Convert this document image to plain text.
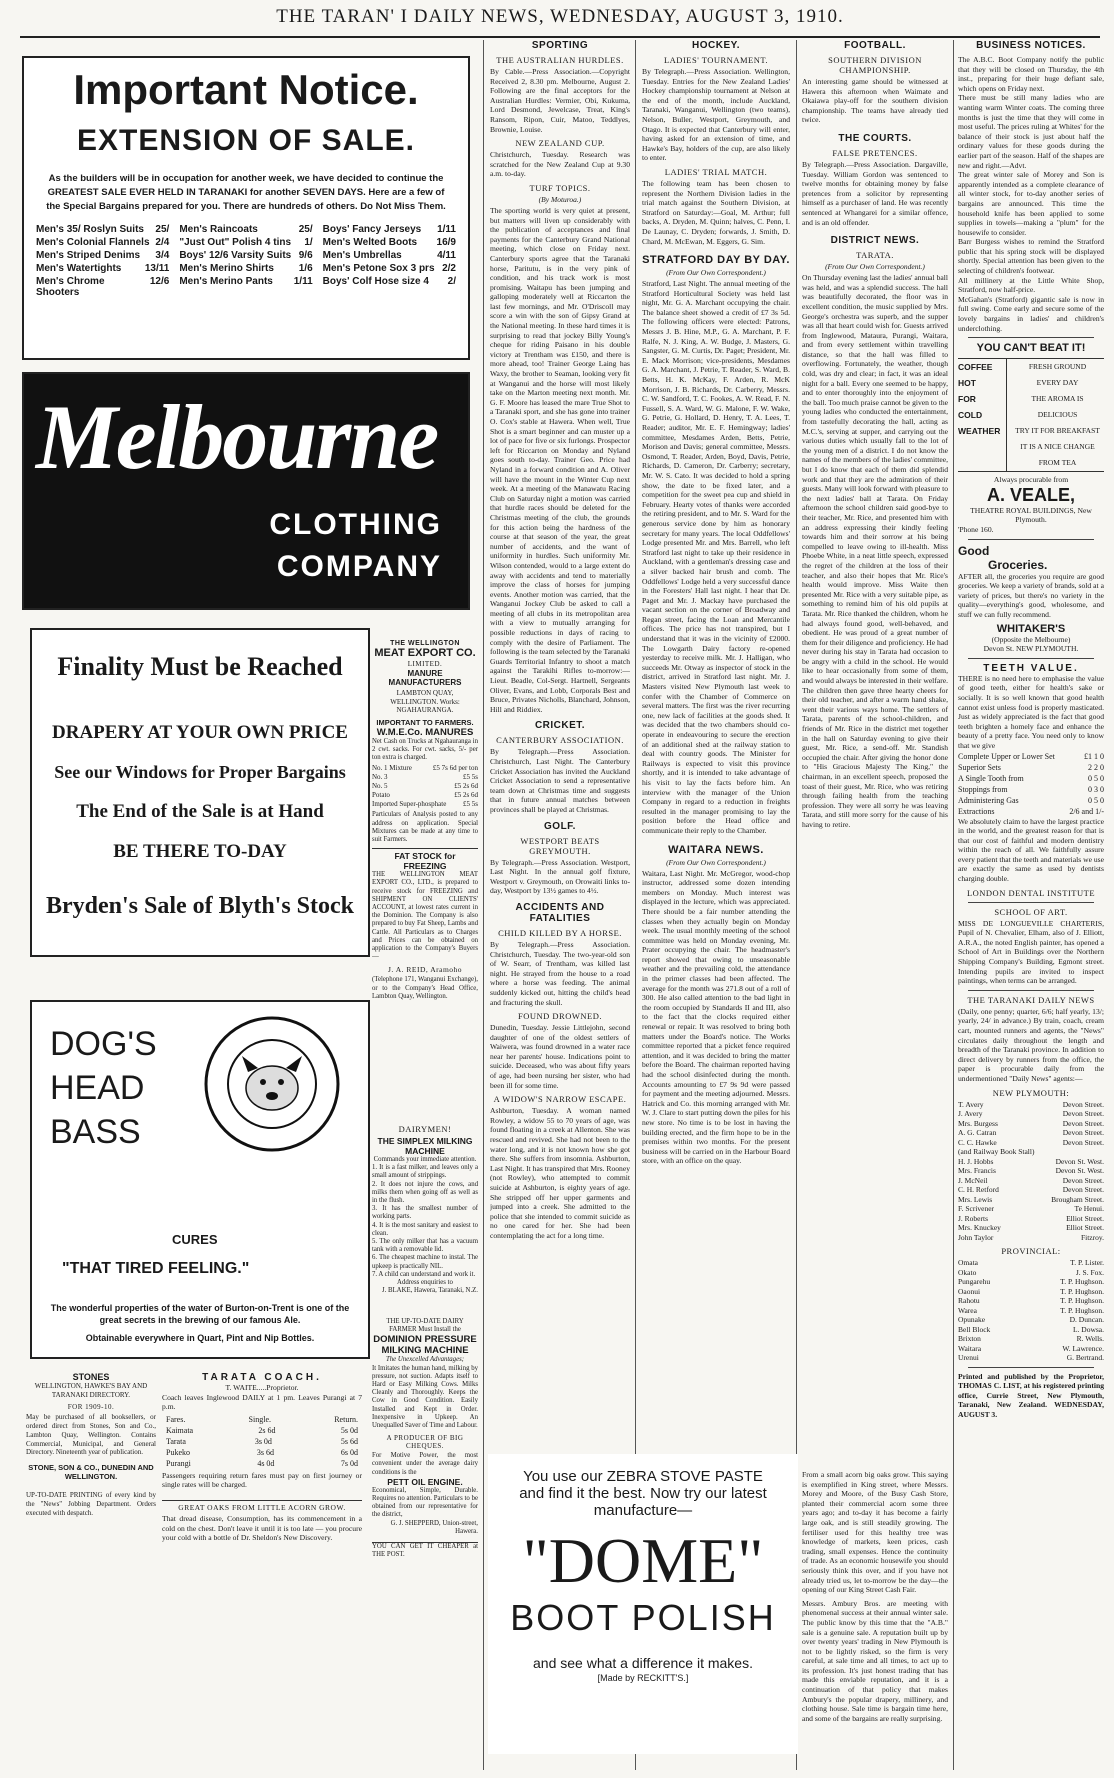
THE TARAN' I DAILY NEWS, WEDNESDAY, AUGUST 3, 1910.
Important Notice.
EXTENSION OF SALE.
As the builders will be in occupation for another week, we have decided to continue the GREATEST SALE EVER HELD IN TARANAKI for another SEVEN DAYS. Here are a few of the Special Bargains prepared for you. There are hundreds of others. Do Not Miss Them.
Men's 35/ Roslyn Suits 25/ Men's Raincoats	25/ Boys' Fancy Jerseys 1/11
Men's Colonial Flannels 2/4 "Just Out" Polish 4 tins 1/ Men's Welted Boots 16/9
Men's Striped Denims 3/4 Boys' 12/6 Varsity Suits 9/6 Men's Umbrellas	4/11
Men's Watertights 13/11 Men's Merino Shirts 1/6 Men's Petone Sox 3 prs 2/2
Men's Chrome Shooters
12/6 Men's Merino Pants 1/11 Boys' Colf Hose size 4 2/
Melbourne
CLOTHING
COMPANY
Finality Must be Reached
DRAPERY AT YOUR OWN PRICE
See our Windows for Proper Bargains
The End of the Sale is at Hand
BE THERE TO-DAY
Bryden's Sale of Blyth's Stock
THE WELLINGTON
MEAT EXPORT CO.
LIMITED.
MANURE MANUFACTURERS
LAMBTON QUAY, WELLINGTON. Works: NGAHAURANGA.
IMPORTANT TO FARMERS.
W.M.E.Co. MANURES
Net Cash on Trucks at Ngahauranga in 2 cwt. sacks. For cwt. sacks, 5/- per ton extra is charged.
No. 1 Mixture	£5 7s 6d per ton
No. 3	£5 5s
No. 5	£5 2s 6d
Potato	£5 2s 6d
Imported Super-phosphate £5 5s
Particulars of Analysis posted to any address on application. Special Mixtures can be made at any time to suit Farmers.
FAT STOCK for FREEZING
THE WELLINGTON MEAT EXPORT CO., LTD., is prepared to receive stock for FREEZING and SHIPMENT ON CLIENTS' ACCOUNT, at lowest rates current in the Dominion. The Company is also prepared to buy Fat Sheep, Lambs and Cattle. All Particulars as to Charges and Prices can be obtained on application to the Company's Buyers —
J. A. REID, Aramoho
(Telephone 171, Wanganui Exchange), or to the Company's Head Office, Lambton Quay, Wellington.
DOG'S
HEAD
BASS
CURES
"THAT TIRED FEELING."
The wonderful properties of the water of Burton-on-Trent is one of the great secrets in the brewing of our famous Ale.
Obtainable everywhere in Quart, Pint and Nip Bottles.
DAIRYMEN!
THE SIMPLEX MILKING MACHINE
Commands your immediate attention.
1. It is a fast milker, and leaves only a small amount of strippings.
2. It does not injure the cows, and milks them when going off as well as in the flush.
3. It has the smallest number of working parts.
4. It is the most sanitary and easiest to clean.
5. The only milker that has a vacuum tank with a removable lid.
6. The cheapest machine to instal. The upkeep is practically NIL.
7. A child can understand and work it.
Address enquiries to
J. BLAKE, Hawera, Taranaki, N.Z.
THE UP-TO-DATE DAIRY FARMER Must Install the
DOMINION PRESSURE MILKING MACHINE
The Unexcelled Advantages;
It Imitates the human hand, milking by pressure, not suction. Adapts itself to Hard or Easy Milking Cows. Milks Cleanly and Thoroughly. Keeps the Cow in Good Condition. Easily Installed and Kept in Order. Inexpensive in Upkeep. An Unequalled Saver of Time and Labour.
A PRODUCER OF BIG CHEQUES.
For Motive Power, the most convenient under the average dairy conditions is the
PETT OIL ENGINE.
Economical, Simple, Durable. Requires no attention. Particulars to be obtained from our representative for the district,
G. J. SHEPPERD, Union-street, Hawera.
YOU CAN GET IT CHEAPER at THE POST.
STONES
WELLINGTON, HAWKE'S BAY AND TARANAKI DIRECTORY.
FOR 1909-10.
May be purchased of all booksellers, or ordered direct from Stones, Son and Co., Lambton Quay, Wellington. Contains Commercial, Municipal, and General Directory. Nineteenth year of publication.
STONE, SON & CO., DUNEDIN AND WELLINGTON.
UP-TO-DATE PRINTING of every kind by the "News" Jobbing Department. Orders executed with despatch.
TARATA COACH.
T. WAITE.....Proprietor.
Coach leaves Inglewood DAILY at 1 pm. Leaves Purangi at 7 p.m.
Fares.	Single.	Return.
Kaimata	2s 6d	5s 0d
Tarata	3s 0d	5s 6d
Pukeko	3s 6d	6s 0d
Purangi	4s 0d	7s 0d
Passengers requiring return fares must pay on first journey or single rates will be charged.
GREAT OAKS FROM LITTLE ACORN GROW.
That dread disease, Consumption, has its commencement in a cold on the chest. Don't leave it until it is too late — you procure your cold with a bottle of Dr. Sheldon's New Discovery.
SPORTING
THE AUSTRALIAN HURDLES.

By Cable.—Press Association.—Copyright Received 2, 8.30 pm. Melbourne, August 2. Following are the final acceptors for the Australian Hurdles: Vermier, Obi, Kukuma, Lord Desmond, Jewelcase, Treat, King's Ransom, Ripon, Cuir, Matoo, Teddlyes, Brownie, Louise.

NEW ZEALAND CUP.

Christchurch, Tuesday. Research was scratched for the New Zealand Cup at 9.30 a.m. to-day.

TURF TOPICS.
(By Moturoa.)

The sporting world is very quiet at present, but matters will liven up considerably with the publication of acceptances and final payments for the Canterbury Grand National meeting, which close on Friday next. Canterbury sports agree that the Taranaki horse, Paritutu, is in the very pink of condition, and his track work is most promising. Waitapu has been jumping and galloping moderately well at Riccarton the last few mornings, and Mr. O'Driscoll may score a win with the son of Gipsy Grand at the National meeting. In these hard times it is surprising to read that jockey Billy Young's cheque for riding Paisano in his double victory at Trentham was £150, and there is more ahead, too! Trainer George Laing has Waxy, the brother to Seaman, looking very fit at Wanganui and the horse will most likely take on the Marton meeting next month. Mr. G. F. Moore has leased the mare True Shot to a Taranaki sport, and she has gone into trainer O. Cox's stable at Hawera. When well, True Shot is a smart beginner and can muster up a lot of pace for five or six furlongs. Prospector left for Riccarton on Monday and Nyland goes south to-day. Trainer Geo. Price had Nyland in a forward condition and A. Oliver will have the mount in the Winter Cup next week. At a meeting of the Manawatu Racing Club on Saturday night a motion was carried that hurdle races should be deleted for the Christmas meeting of the club, the grounds for this action being the hardness of the course at that season of the year, the great number of accidents, and the want of uniformity in hurdles. Such uniformity Mr. Wilson contended, would to a large extent do away with accidents and tend to materially improve the class of horses for jumping events. Another motion was carried, that the Wanganui Jockey Club be asked to call a meeting of all clubs in its metropolitan area with a view to mutually arranging for possible reductions in days of racing to comply with the desire of Parliament. The following is the team selected by the Taranaki Guards Territorial Infantry to shoot a match against the Tarakihi Rifles to-morrow:—Lieut. Beadle, Col-Sergt. Hartnell, Sergeants Oliver, Evans, and Lobb, Corporals Best and Bruce, Privates Nicholls, Blanchard, Johnson, Hill and Riddiex.

CRICKET.
CANTERBURY ASSOCIATION.

By Telegraph.—Press Association. Christchurch, Last Night. The Canterbury Cricket Association has invited the Auckland Cricket Association to send a representative team down at Christmas time and suggests that in future annual matches between provinces shall be played at Christmas.

GOLF.
WESTPORT BEATS GREYMOUTH.

By Telegraph.—Press Association. Westport, Last Night. In the annual golf fixture, Westport v. Greymouth, on Orowaiti links to-day, Westport by 13½ games to 4½.

ACCIDENTS AND FATALITIES
CHILD KILLED BY A HORSE.

By Telegraph.—Press Association. Christchurch, Tuesday. The two-year-old son of W. Searr, of Trentham, was killed last night. He strayed from the house to a road where a horse was feeding. The animal suddenly kicked out, hitting the child's head and fracturing the skull.

FOUND DROWNED.

Dunedin, Tuesday. Jessie Littlejohn, second daughter of one of the oldest settlers of Waiwera, was found drowned in a water race near her parents' house. Indications point to suicide. Deceased, who was about fifty years of age, had been nursing her sister, who had been ill for some time.

A WIDOW'S NARROW ESCAPE.

Ashburton, Tuesday. A woman named Rowley, a widow 55 to 70 years of age, was found floating in a creek at Allenton. She was rescued and revived. She had not been to the water long, and it is not known how she got there. She suffers from insomnia. Ashburton, Last Night. It has transpired that Mrs. Rooney (not Rowley), who attempted to commit suicide at Ashburton, is eighty years of age. She stripped off her upper garments and jumped into a creek. She admitted to the police that she intended to commit suicide as no one cared for her. She had been contemplating the act for a long time.

HOCKEY.
LADIES' TOURNAMENT.

By Telegraph.—Press Association. Wellington, Tuesday. Entries for the New Zealand Ladies' Hockey championship tournament at Nelson at the end of the month, include Auckland, Taranaki, Wanganui, Wellington (two teams), Nelson, Buller, Westport, Greymouth, and Otago. It is expected that Canterbury will enter, having asked for an extension of time, and Hawke's Bay, holders of the cup, are also likely to enter.

LADIES' TRIAL MATCH.

The following team has been chosen to represent the Northern Division ladies in the trial match against the Southern Division, at Stratford on Saturday:—Goal, M. Arthur; full backs, A. Dryden, M. Quinn; halves, C. Penn, I. De Launay, C. Dryden; forwards, J. Smith, D. Chard, M. McEwan, M. Eggers, G. Sim.

STRATFORD DAY BY DAY.
(From Our Own Correspondent.)

Stratford, Last Night. The annual meeting of the Stratford Horticultural Society was held last night, Mr. G. A. Marchant occupying the chair. The balance sheet showed a credit of £7 3s 5d. The following officers were elected: Patrons, Messrs J. B. Hine, M.P., G. A. Marchant, P. F. Ralfe, N. J. King, A. W. Budge, J. Masters, G. Sangster, G. M. Curtis, Dr. Paget; President, Mr. E. Mack Morrison; vice-presidents, Mesdames G. A. Marchant, J. Petrie, T. Reader, S. Ward, B. Betts, H. K. McKay, F. Arden, R. McK Morrison, J. B. Richards, Dr. Carberry, Messrs. C. W. Sandford, T. C. Fookes, A. W. Read, F. N. Fussell, S. A. Ward, W. G. Malone, F. W. Wake, G. Petrie, G. Hollard, D. Henry, T. A. Lees, T. Reader; auditor, Mr. E. F. Hemingway; ladies' committee, Mesdames Arden, Betts, Petrie, Morison and Davis; general committee, Messrs. Osmond, T. Reader, Arden, Boyd, Davis, Petrie, Richards, D. Cameron, Dr. Carberry; secretary, Mr. W. S. Cato. It was decided to hold a spring show, the date to be fixed later, and a competition for the sweet pea cup and shield in February. Hearty votes of thanks were accorded the retiring president, and to Mr. S. Ward for the generous service done by him as honorary secretary for many years. The local Oddfellows' Lodge presented Mr. and Mrs. Barrell, who left Stratford last night to take up their residence in Auckland, with a gentleman's dressing case and a silver backed hair brush and comb. The Oddfellows' Lodge held a very successful dance in the Foresters' Hall last night. I hear that Dr. Paget and Mr. J. Mackay have purchased the vacant section on the corner of Broadway and Regan street, facing the Loan and Mercantile offices. The price has not transpired, but I understand that it was in the vicinity of £2000. The Lowgarth Dairy factory re-opened yesterday to receive milk. Mr. J. Halligan, who succeeds Mr. Otway as inspector of stock in the district, arrived in Stratford last night. Mr. J. Masters visited New Plymouth last week to confer with the Chamber of Commerce on several matters. The first was the river recurring one, new lack of facilities at the goods shed. It was decided that the two chambers should co-operate in endeavouring to secure the erection of an additional shed at the railway station to deal with country goods. The Minister for Railways is expected to visit this province shortly, and it is intended to take advantage of his visit to lay the facts before him. An interview with the manager of the Union Company in regard to a reduction in freights resulted in the manager promising to lay the position before the Head office and communicate their reply to the Chamber.

WAITARA NEWS.
(From Our Own Correspondent.)

Waitara, Last Night. Mr. McGregor, wood-chop instructor, addressed some dozen intending members on Monday. Much interest was displayed in the lecture, which was appreciated. There should be a fair number attending the classes when they actually begin on Monday week. The usual monthly meeting of the school committee was held on Monday evening, Mr. Prater occupying the chair. The headmaster's report showed that owing to unseasonable weather and the prevailing cold, the attendance in the primer classes had been affected. The average for the month was 271.8 out of a roll of 300. He also called attention to the bad light in the room occupied by Standards II and III, also to the fact that the clocks required either renewal or repair. It was resolved to bring both matters under the Board's notice. The Works committee reported that a picket fence required attention, and it was decided to bring the matter before the Board. The chairman reported having had the school disinfected during the month. Accounts amounting to £7 9s 9d were passed for payment and the meeting adjourned. Messrs. Hatrick and Co. this morning arranged with Mr. W. J. Clare to start putting down the piles for his new store. No time is to be lost in having the building erected, and the firm hope to be in the premises within two months. For the present business will be carried on in the Harbour Board store, with an office on the quay.

FOOTBALL.
SOUTHERN DIVISION CHAMPIONSHIP.

An interesting game should be witnessed at Hawera this afternoon when Waimate and Okaiawa play-off for the southern division championship. The teams have already tied twice.

THE COURTS.
FALSE PRETENCES.

By Telegraph.—Press Association. Dargaville, Tuesday. William Gordon was sentenced to twelve months for obtaining money by false pretences from a solicitor by representing himself as a purchaser of land. He was recently sentenced at Whangarei for a similar offence, and is an old offender.

DISTRICT NEWS.
TARATA.
(From Our Own Correspondent.)

On Thursday evening last the ladies' annual ball was held, and was a splendid success. The hall was beautifully decorated, the floor was in excellent condition, the music supplied by Mrs. George's orchestra was superb, and the supper was all that heart could wish for. Guests arrived from Inglewood, Mataura, Purangi, Waitara, and from every settlement within travelling distance, so that the hall was filled to overflowing. Fortunately, the weather, though cold, was dry and clear; in fact, it was an ideal night for a ball. Every one seemed to be happy, and to enter thoroughly into the enjoyment of the ball. Too much praise cannot be given to the young ladies who conducted the entertainment, from tastefully decorating the hall, acting as M.C.'s, serving at supper, and carrying out the various duties which usually fall to the lot of the young men of a district. I do not know the names of the members of the ladies' committee, but I do know that each of them did splendid work and that they are the admiration of their guests. Many will look forward with pleasure to the next ladies' ball at Tarata. On Friday afternoon the school children said good-bye to their teacher, Mr. Rice, and presented him with an address expressing their kindly feeling towards him and their sorrow at his being compelled to leave owing to ill-health. Miss Phoebe White, in a neat little speech, expressed the regret of the children at the loss of their teacher, and also their hopes that Mr. Rice's health would improve. Miss Waite then presented Mr. Rice with a very suitable pipe, as something to remind him of his old pupils at Tarata. Mr. Rice thanked the children, whom he had always found good, well-behaved, and obedient. He was proud of a great number of them for their diligence and proficiency. He had never during his stay in Tarata had occasion to be angry with a child in the school. He would like to hear occasionally from some of them, and would always be interested in their welfare. The children then gave three hearty cheers for their old teacher, and after a warm hand shake, went their various ways home. The settlers of Tarata, parents of the school-children, and friends of Mr. Rice in the district met together in the hall on Saturday evening to give their guest, Mr. Rice, a send-off. Mr. Standish occupied the chair. After giving the honor done to "His Gracious Majesty The King," the chairman, in an excellent speech, proposed the toast of their guest, Mr. Rice, who was retiring through failing health from the teaching profession. They were all sorry he was leaving Tarata, and still more sorry for the cause of his having to retire.

You use our ZEBRA STOVE PASTE
and find it the best. Now try our latest
manufacture—
"DOME"
BOOT POLISH
and see what a difference it makes.
[Made by RECKITT'S.]

From a small acorn big oaks grow. This saying is exemplified in King street, where Messrs. Morey and Moore, of the Busy Cash Store, planted their commercial acorn some three years ago; and to-day it has become a fairly large oak, and is still steadily growing. The fertiliser used for this healthy tree was knowledge of markets, keen prices, cash trading, small expenses. Hence the continuity of trade. As an economic housewife you should seriously think this over, and if you have not already tried us, let to-morrow be the day—the opening of our King Street Cash Fair.

Messrs. Ambury Bros. are meeting with phenomenal success at their annual winter sale. The public know by this time that the "A.B." sale is a genuine sale. A reputation built up by over twenty years' trading in New Plymouth is not to be lightly risked, so the firm is very careful, at sale time and all times, to act up to its profession. It's just honest trading that has made this enviable reputation, and it is a continuation of that policy that makes Ambury's the popular drapery, millinery, and clothing house. Sale time is bargain time here, and some of the bargains are really surprising.

BUSINESS NOTICES.

The A.B.C. Boot Company notify the public that they will be closed on Thursday, the 4th inst., preparing for their huge defiant sale, which opens on Friday next.

There must be still many ladies who are wanting warm Winter coats. The coming three months is just the time that they will come in most useful. The prices ruling at Whites' for the balance of their stock is just about half the ordinary values for these goods during the earlier part of the season. Half of the shapes are new and right.—Advt.

The great winter sale of Morey and Son is apparently intended as a complete clearance of all winter stock, for to-day another series of bargains are announced. This time the household knife has been applied to some supplies in towels—making a "plum" for the housewife to consider.

Barr Burgess wishes to remind the Stratford public that his spring stock will be displayed shortly. Special attention has been given to the selecting of children's footwear.

All millinery at the Little White Shop, Stratford, now half-price.

McGahan's (Stratford) gigantic sale is now in full swing. Come early and secure some of the lovely bargains in ladies' and children's underclothing.

YOU CAN'T BEAT IT!
COFFEE
HOT
FOR
COLD
WEATHER
FRESH GROUND
EVERY DAY
THE AROMA IS DELICIOUS
TRY IT FOR BREAKFAST
IT IS A NICE CHANGE FROM TEA
Always procurable from
A. VEALE,
THEATRE ROYAL BUILDINGS, New Plymouth.
'Phone 160.
Good
Groceries.

AFTER all, the groceries you require are good groceries. We keep a variety of brands, sold at a variety of prices, but there's no variety in the quality—everything's good, wholesome, and stuff we can fully recommend.

WHITAKER'S
(Opposite the Melbourne)
Devon St. NEW PLYMOUTH.
TEETH VALUE.

THERE is no need here to emphasise the value of good teeth, either for health's sake or socially. It is so well known that good health cannot exist unless food is properly masticated. Just as widely appreciated is the fact that good teeth brighten a homely face and enhance the beauty of a pretty face. You need only to know that we give

Complete Upper or Lower Set	£1 1 0
Superior Sets	2 2 0
A Single Tooth from	0 5 0
Stoppings from	0 3 0
Administering Gas	0 5 0
Extractions	2/6 and 1/-

We absolutely claim to have the largest practice in the world, and the greatest reason for that is that our cost of faithful and modern dentistry within the reach of all. We faithfully assure every patient that the teeth and materials we use are exactly the same as used by dentists charging double.

LONDON DENTAL INSTITUTE
SCHOOL OF ART.

MISS DE LONGUEVILLE CHARTERIS, Pupil of N. Chevalier, Elham, also of J. Elliott, A.R.A., the noted English painter, has opened a School of Art in Buildings over the Northern Shipping Company's Building, Egmont street. Intending pupils are invited to inspect paintings, when terms can be arranged.

THE TARANAKI DAILY NEWS

(Daily, one penny; quarter, 6/6; half yearly, 13/; yearly, 24/ in advance.) By train, coach, cream cart, mounted runners and agents, the "News" circulates daily throughout the length and breadth of the Taranaki province. In addition to direct delivery by runners from the office, the paper is procurable daily from the undermentioned "Daily News" agents:—

NEW PLYMOUTH:
T. Avery	Devon Street.
J. Avery	Devon Street.
Mrs. Burgess	Devon Street.
A. G. Catran	Devon Street.
C. C. Hawke	Devon Street.
(and Railway Book Stall)
H. J. Hobbs	Devon St. West.
Mrs. Francis	Devon St. West.
J. McNeil	Devon Street.
C. H. Retford	Devon Street.
Mrs. Lewis	Brougham Street.
F. Scrivener	Te Henui.
J. Roberts	Elliot Street.
Mrs. Knuckey	Elliot Street.
John Taylor	Fitzroy.
PROVINCIAL:
Omata	T. P. Lister.
Okato	J. S. Fox.
Pungarehu	T. P. Hughson.
Oaonui	T. P. Hughson.
Rahotu	T. P. Hughson.
Warea	T. P. Hughson.
Opunake	D. Duncan.
Bell Block	L. Dowsa.
Brixton	R. Wells.
Waitara	W. Lawrence.
Urenui	G. Bertrand.

Printed and published by the Proprietor, THOMAS C. LIST, at his registered printing office, Currie Street, New Plymouth, Taranaki, New Zealand. WEDNESDAY, AUGUST 3.
